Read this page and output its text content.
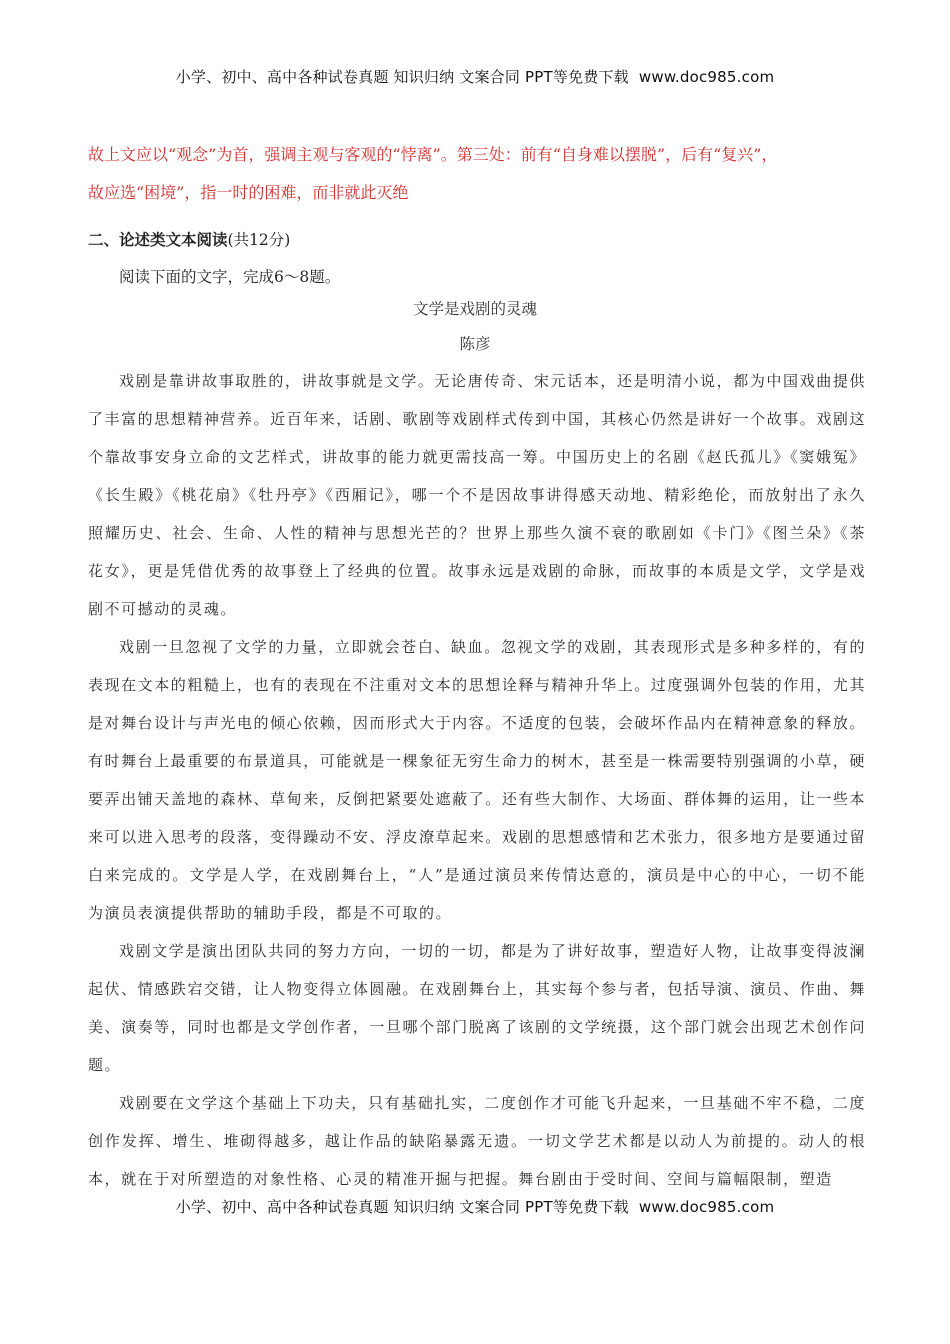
小学、初中、高中各种试卷真题 知识归纳 文案合同 PPT等免费下载 www.doc985.com

故上文应以“观念”为首，强调主观与客观的“悖离”。第三处：前有“自身难以摆脱”，后有“复兴”，

故应选“困境”，指一时的困难，而非就此灭绝

二、论述类文本阅读(共12分)
阅读下面的文字，完成6～8题。
文学是戏剧的灵魂
陈彦

戏剧是靠讲故事取胜的，讲故事就是文学。无论唐传奇、宋元话本，还是明清小说，都为中国戏曲提供了丰富的思想精神营养。近百年来，话剧、歌剧等戏剧样式传到中国，其核心仍然是讲好一个故事。戏剧这个靠故事安身立命的文艺样式，讲故事的能力就更需技高一筹。中国历史上的名剧《赵氏孤儿》《窦娥冤》《长生殿》《桃花扇》《牡丹亭》《西厢记》，哪一个不是因故事讲得感天动地、精彩绝伦，而放射出了永久照耀历史、社会、生命、人性的精神与思想光芒的？世界上那些久演不衰的歌剧如《卡门》《图兰朵》《茶花女》，更是凭借优秀的故事登上了经典的位置。故事永远是戏剧的命脉，而故事的本质是文学，文学是戏剧不可撼动的灵魂。

戏剧一旦忽视了文学的力量，立即就会苍白、缺血。忽视文学的戏剧，其表现形式是多种多样的，有的表现在文本的粗糙上，也有的表现在不注重对文本的思想诠释与精神升华上。过度强调外包装的作用，尤其是对舞台设计与声光电的倾心依赖，因而形式大于内容。不适度的包装，会破坏作品内在精神意象的释放。有时舞台上最重要的布景道具，可能就是一棵象征无穷生命力的树木，甚至是一株需要特别强调的小草，硬要弄出铺天盖地的森林、草甸来，反倒把紧要处遮蔽了。还有些大制作、大场面、群体舞的运用，让一些本来可以进入思考的段落，变得躁动不安、浮皮潦草起来。戏剧的思想感情和艺术张力，很多地方是要通过留白来完成的。文学是人学，在戏剧舞台上，“人”是通过演员来传情达意的，演员是中心的中心，一切不能为演员表演提供帮助的辅助手段，都是不可取的。

戏剧文学是演出团队共同的努力方向，一切的一切，都是为了讲好故事，塑造好人物，让故事变得波澜起伏、情感跌宕交错，让人物变得立体圆融。在戏剧舞台上，其实每个参与者，包括导演、演员、作曲、舞美、演奏等，同时也都是文学创作者，一旦哪个部门脱离了该剧的文学统摄，这个部门就会出现艺术创作问题。

戏剧要在文学这个基础上下功夫，只有基础扎实，二度创作才可能飞升起来，一旦基础不牢不稳，二度创作发挥、增生、堆砌得越多，越让作品的缺陷暴露无遗。一切文学艺术都是以动人为前提的。动人的根本，就在于对所塑造的对象性格、心灵的精准开掘与把握。舞台剧由于受时间、空间与篇幅限制，塑造

小学、初中、高中各种试卷真题 知识归纳 文案合同 PPT等免费下载 www.doc985.com
